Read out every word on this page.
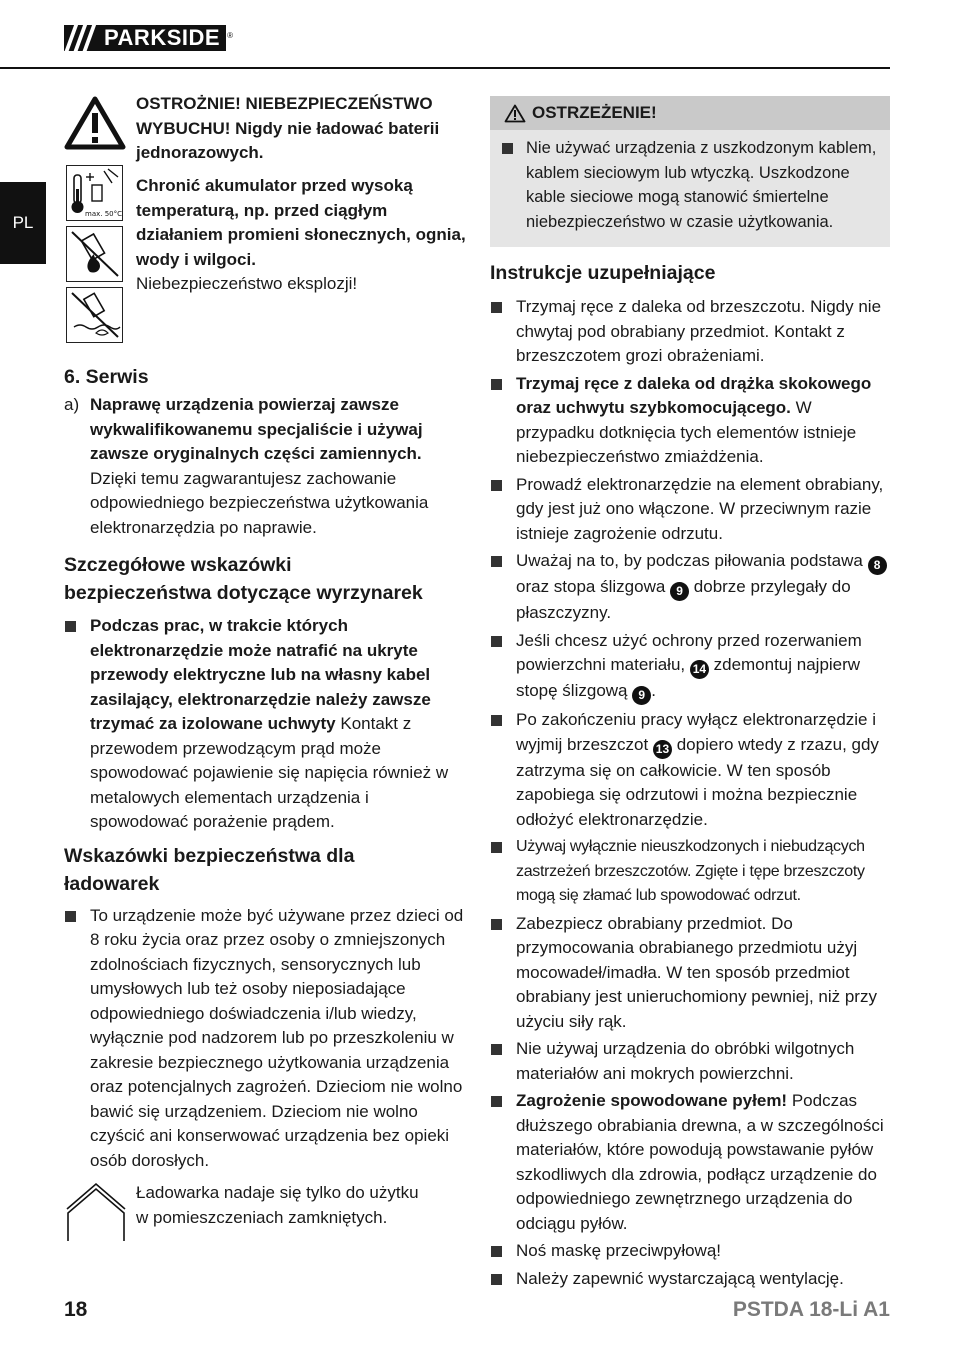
PARKSIDE ®
PL

OSTROŻNIE! NIEBEZPIECZEŃSTWO WYBUCHU! Nigdy nie ładować baterii jednorazowych.

max. 50°C

Chronić akumulator przed wysoką temperaturą, np. przed ciągłym działaniem promieni słonecznych, ognia, wody i wilgoci.

Niebezpieczeństwo eksplozji!

6. Serwis
a) Naprawę urządzenia powierzaj zawsze wykwalifikowanemu specjaliście i używaj zawsze oryginalnych części zamiennych. Dzięki temu zagwarantujesz zachowanie odpowiedniego bezpieczeństwa użytkowania elektronarzędzia po naprawie.
Szczegółowe wskazówki bezpieczeństwa dotyczące wyrzynarek
Podczas prac, w trakcie których elektronarzędzie może natrafić na ukryte przewody elektryczne lub na własny kabel zasilający, elektronarzędzie należy zawsze trzymać za izolowane uchwyty Kontakt z przewodem przewodzącym prąd może spowodować pojawienie się napięcia również w metalowych elementach urządzenia i spowodować porażenie prądem.
Wskazówki bezpieczeństwa dla ładowarek
To urządzenie może być używane przez dzieci od 8 roku życia oraz przez osoby o zmniejszonych zdolnościach fizycznych, sensorycznych lub umysłowych lub też osoby nieposiadające odpowiedniego doświadczenia i/lub wiedzy, wyłącznie pod nadzorem lub po przeszkoleniu w zakresie bezpiecznego użytkowania urządzenia oraz potencjalnych zagrożeń. Dzieciom nie wolno bawić się urządzeniem. Dzieciom nie wolno czyścić ani konserwować urządzenia bez opieki osób dorosłych.

Ładowarka nadaje się tylko do użytku

w pomieszczeniach zamkniętych.

OSTRZEŻENIE!
Nie używać urządzenia z uszkodzonym kablem, kablem sieciowym lub wtyczką. Uszkodzone kable sieciowe mogą stanowić śmiertelne niebezpieczeństwo w czasie użytkowania.
Instrukcje uzupełniające
Trzymaj ręce z daleka od brzeszczotu. Nigdy nie chwytaj pod obrabiany przedmiot. Kontakt z brzeszczotem grozi obrażeniami.
Trzymaj ręce z daleka od drążka skokowego oraz uchwytu szybkomocującego. W przypadku dotknięcia tych elementów istnieje niebezpieczeństwo zmiażdżenia.
Prowadź elektronarzędzie na element obrabiany, gdy jest już ono włączone. W przeciwnym razie istnieje zagrożenie odrzutu.
Uważaj na to, by podczas piłowania podstawa 8 oraz stopa ślizgowa 9 dobrze przylegały do płaszczyzny.
Jeśli chcesz użyć ochrony przed rozerwaniem powierzchni materiału, 14 zdemontuj najpierw stopę ślizgową 9 .
Po zakończeniu pracy wyłącz elektronarzędzie i wyjmij brzeszczot 13 dopiero wtedy z rzazu, gdy zatrzyma się on całkowicie. W ten sposób zapobiega się odrzutowi i można bezpiecznie odłożyć elektronarzędzie.
Używaj wyłącznie nieuszkodzonych i niebudzących zastrzeżeń brzeszczotów. Zgięte i tępe brzeszczoty mogą się złamać lub spowodować odrzut.
Zabezpiecz obrabiany przedmiot. Do przymocowania obrabianego przedmiotu użyj mocowadeł/imadła. W ten sposób przedmiot obrabiany jest unieruchomiony pewniej, niż przy użyciu siły rąk.
Nie używaj urządzenia do obróbki wilgotnych materiałów ani mokrych powierzchni.
Zagrożenie spowodowane pyłem! Podczas dłuższego obrabiania drewna, a w szczególności materiałów, które powodują powstawanie pyłów szkodliwych dla zdrowia, podłącz urządzenie do odpowiedniego zewnętrznego urządzenia do odciągu pyłów.
Noś maskę przeciwpyłową!
Należy zapewnić wystarczającą wentylację.
18	PSTDA 18-Li A1
